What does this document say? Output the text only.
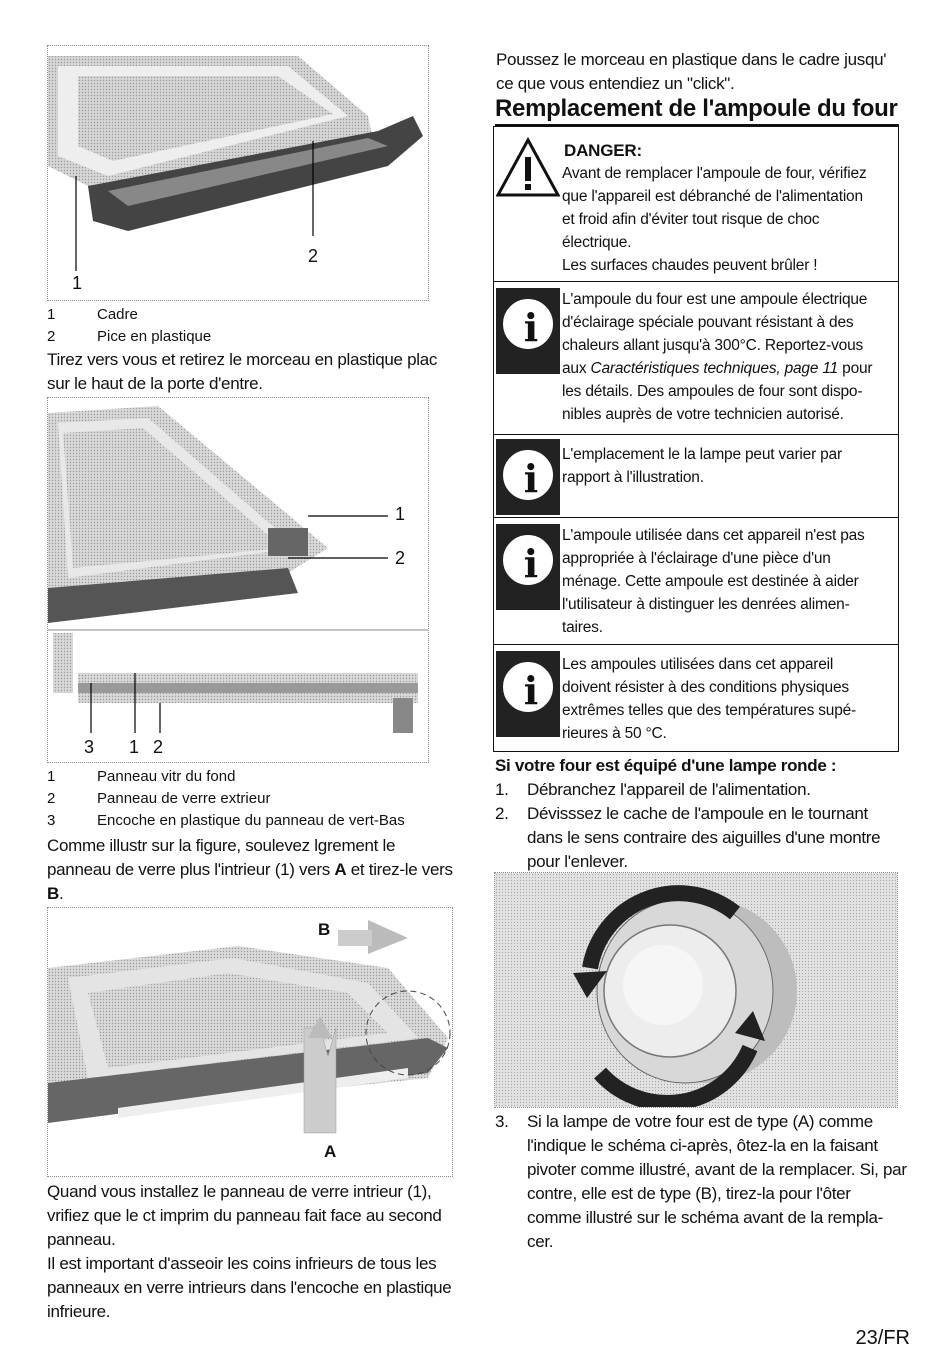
1
2
1	Cadre
2	Pice en plastique
Tirez vers vous et retirez le morceau en plastique plac sur le haut de la porte d'entre.
1
2
3 1 2
1	Panneau vitr du fond
2	Panneau de verre extrieur
3	Encoche en plastique du panneau de vert-Bas
Comme illustr sur la figure, soulevez lgrement le panneau de verre plus l'intrieur (1) vers A et tirez-le vers B.
B
A
Quand vous installez le panneau de verre intrieur (1), vrifiez que le ct imprim du panneau fait face au second panneau.
Il est important d'asseoir les coins infrieurs de tous les panneaux en verre intrieurs dans l'encoche en plastique infrieure.
Poussez le morceau en plastique dans le cadre jusqu' ce que vous entendiez un "click".
Remplacement de l'ampoule du four
DANGER:
Avant de remplacer l'ampoule de four, vérifiez
que l'appareil est débranché de l'alimentation
et froid afin d'éviter tout risque de choc
électrique.
Les surfaces chaudes peuvent brûler !
i
L'ampoule du four est une ampoule électrique
d'éclairage spéciale pouvant résistant à des
chaleurs allant jusqu'à 300°C. Reportez-vous
aux Caractéristiques techniques, page 11 pour
les détails. Des ampoules de four sont dispo-
nibles auprès de votre technicien autorisé.
i
L'emplacement le la lampe peut varier par
rapport à l'illustration.
i
L'ampoule utilisée dans cet appareil n'est pas
appropriée à l'éclairage d'une pièce d'un
ménage. Cette ampoule est destinée à aider
l'utilisateur à distinguer les denrées alimen-
taires.
i
Les ampoules utilisées dans cet appareil
doivent résister à des conditions physiques
extrêmes telles que des températures supé-
rieures à 50 °C.
Si votre four est équipé d'une lampe ronde :
1.	Débranchez l'appareil de l'alimentation.
2.	Dévisssez le cache de l'ampoule en le tournant dans le sens contraire des aiguilles d'une montre pour l'enlever.
3.	Si la lampe de votre four est de type (A) comme l'indique le schéma ci-après, ôtez-la en la faisant pivoter comme illustré, avant de la remplacer. Si, par contre, elle est de type (B), tirez-la pour l'ôter comme illustré sur le schéma avant de la rempla-cer.
23/FR
